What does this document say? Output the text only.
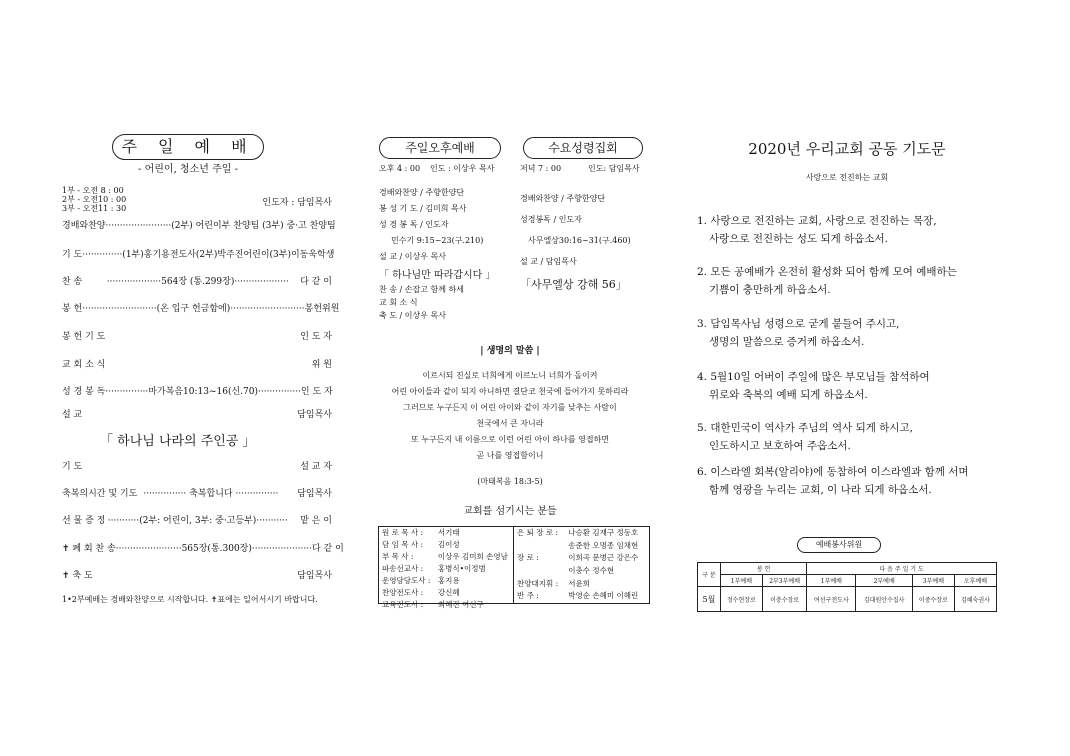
주 일 예 배
- 어린이, 청소년 주일 -
1부 - 오전 8 : 00
2부 - 오전10 : 00
3부 - 오전11 : 30
인도자 : 담임목사
경배와찬양 ·······················(2부) 어린이부 찬양팀 (3부) 중·고 찬양팀
기 도 ··············(1부)홍기용전도사(2부)박주진어린이(3부)이동욱학생
찬 송	···················564장 (통.299장)···················	다 같 이
봉 헌 ··························(온 입구 헌금함에)·························· 봉헌위원
봉 헌 기 도	인 도 자
교 회 소 식	위 원
성 경 봉 독 ···············마가복음10:13~16(신.70)··············· 인 도 자
설 교	담임목사
「 하나님 나라의 주인공 」
기 도	설 교 자
축복의시간 및 기도 ··············· 축복합니다 ···············	담임목사
선 물 증 정 ···········(2부: 어린이, 3부: 중·고등부)···········	맡 은 이
✝ 폐 회 찬 송 ·······················565장(통.300장)····················· 다 같 이
✝ 축 도	담임목사
1•2부예배는 경배와찬양으로 시작합니다. ✝표에는 일어서시기 바랍니다.
주일오후예배
오후 4 : 00 인도 : 이상우 목사
경배와찬양 / 주향한양단
봉 성 기 도 / 김미희 목사
성 경 봉 독 / 인도자
민수기 9:15~23(구.210)
설 교 / 이상우 목사
「 하나님만 따라갑시다 」
찬 송 / 손잡고 함께 하세
교 회 소 식
축 도 / 이상우 목사
수요성령집회
저녁 7 : 00	인도: 담임목사
경배와찬양 / 주향한양단
성경봉독 / 인도자
사무엘상30:16~31(구.460)
설 교 / 담임목사
「사무엘상 강해 56」
| 생명의 말씀 |
이르시되 진실로 너희에게 이르노니 너희가 돌이켜
어린 아이들과 같이 되지 아니하면 결단코 천국에 들어가지 못하리라
그러므로 누구든지 이 어린 아이와 같이 자기를 낮추는 사람이
천국에서 큰 자니라
또 누구든지 내 이름으로 이런 어린 아이 하나를 영접하면
곧 나를 영접함이니
(마태복음 18:3-5)
교회를 섬기시는 분들
원 로 목 사 :	서기태
담 임 목 사 :	김이성
부 목 사 :	이상우 김미희 손영남
파송선교사 :	홍병식•이정범
운영담당도사 :	홍지용
찬양전도사 :	강신혜
교육전도사 :	최혜진 여선구
은 퇴 장 로 :	나승환 김재구 정동호
	송준한 오명종 임채현
장 로 :	이희곡 문병근 강은수
	이충수 정수현
찬양대지휘 :	서윤희
반 주 :	박영순 손혜미 이혜린
2020년 우리교회 공동 기도문
사랑으로 전진하는 교회

1. 사랑으로 전진하는 교회, 사랑으로 전진하는 목장,

사랑으로 전진하는 성도 되게 하옵소서.

2. 모든 공예배가 온전히 활성화 되어 함께 모여 예배하는

기쁨이 충만하게 하옵소서.

3. 담임목사님 성령으로 굳게 붙들어 주시고,

생명의 말씀으로 증거케 하옵소서.

4. 5월10일 어버이 주일에 많은 부모님들 참석하여

위로와 축복의 예배 되게 하옵소서.

5. 대한민국이 역사가 주님의 역사 되게 하시고,

인도하시고 보호하여 주옵소서.

6. 이스라엘 회복(알리야)에 동참하여 이스라엘과 함께 서며

함께 영광을 누리는 교회, 이 나라 되게 하옵소서.

예배봉사위원
구 분	봉 헌		다 음 주 일 기 도			
	1부예배	2부3부예배	1부예배	2부예배	3부예배	오후예배
5월	정수현장로	이충수장로	여선구전도사	김대원안수집사	이중수장로	김혜숙권사
